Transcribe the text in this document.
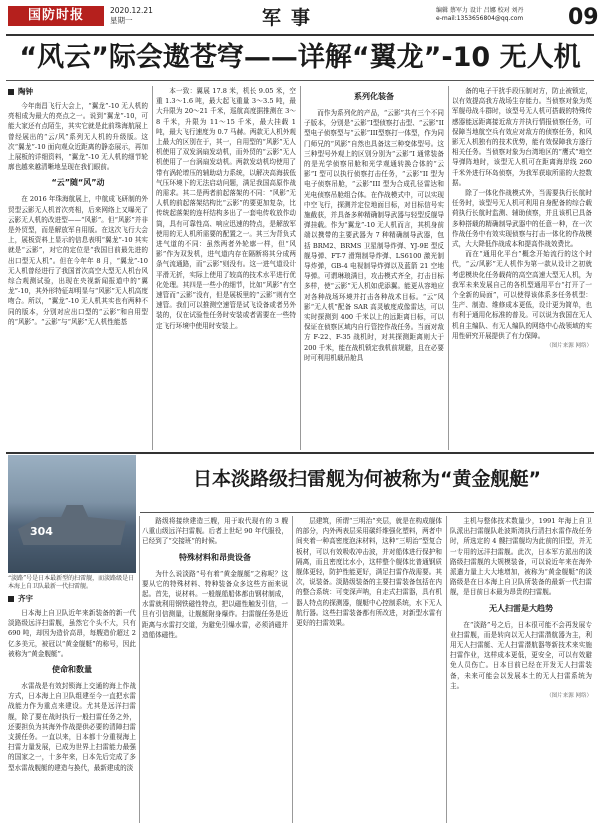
国防时报	2020.12.21
星期一	军事	编辑 蔡军力 设计 吕娜 校对 刘丹
e-mail:1353656804@qq.com	09
“风云”际会遨苍穹——详解“翼龙”-10 无人机
陶钟

今年南昌飞行大会上，“翼龙”-10 无人机的亮相成为最大的亮点之一。说到“翼龙”-10，可能大家还有点陌生，其实它就是此前珠海航展上曾经展出的“云/风”系列无人机的升级版。这次“翼龙”-10 面向观众近距离的静态展示，再加上展板的详细资料，“翼龙”-10 无人机的细节轮廓也越来越清晰地呈现在我们眼前。

“云”随“风”动

在 2016 年珠海航展上，中航成飞研制的外贸型云影无人机首次亮相，后来网络上又曝光了云影无人机的改进型——“风影”。但“风影”并非是外贸型，而是解放军自用版。在这次飞行大会上，展板资料上显示的信息表明“翼龙”-10 其实就是“云影”，对它的定位是“我国目前最先进的出口型无人机”。但在今年年 8 月，“翼龙”-10 无人机曾经进行了我国首次高空大型无人机台风综合观测试验，出现在央视新闻报道中的“翼龙”-10，其外形特征却明显与“风影”无人机高度吻合。所以，“翼龙”-10 无人机其实也有两种不同的版本，分别对应出口型的“云影”和自用型的“风影”。“云影”与“风影”无人机性能基

本一致：翼展 17.8 米，机长 9.05 米，空重 1.3～1.6 吨，最大起飞重量 3～3.5 吨，最大升限为 20～21 千米，巡航高度据推测在 3～8 千米，升限为 11～15 千米，最大挂载 1 吨，最大飞行速度为 0.7 马赫。两款无人机外观上最大的区别在于，其一，自用型的“风影”无人机使用了双发涡扇发动机，而外贸的“云影”无人机使用了一台涡扇发动机。两款发动机均使用了带有涡轮增压的辅助动力系统，以解决高海拔低气压环境下的无法启动问题，满足我国高原作战的需求。其二是两者前起落架的不同：“风影”无人机的前起落架结构比“云影”的要更加复杂，比传统起落架的连杆结构多出了一套电传收放作动筒，具有可靠性高、响应迅速的特点，是解放军使用的无人机所需要的配置之一。其三为背负式进气道的不同：虽然两者外轮廓一样，但“风影”作为双发机，进气道内存在隔断将其分成两条气流通路，而“云影”则没有。这一进气道设计平滑无折，实际上使用了较高的技术水平进行优化处理。其四是一些小的细节，比如“风影”有空速管而“云影”没有，但是展板里的“云影”则有空速管。我们可以推测空速管是试飞设备或者另外装的，仅在试验性任务时安装或者需要在一些特定飞行环境中使用时安装上。

系列化装备

而作为系列化的产品，“云影”共有三个不同子版本，分别是“云影”I型侦察打击型、“云影”II型电子侦察型与“云影”III型察打一体型，作为同门师兄的“风影”自然也具备这三种变体型号。这三种型号外观上的区别分别为“云影”I 通常装备的是光学侦察吊舱和光学观通转换合体的“云影”I 型可以执行侦察打击任务，“云影”II 型为电子侦察吊舱，“云影”III 型为合成孔径雷达和光电侦察吊舱组合体。在作战模式中，可以实现中空飞行，探测并定位地面目标，对目标信号实施截获，并具备多种精确制导武器与轻型反舰导弹挂载。作为“翼龙”-10 无人机而言，其机身前端以携带的主要武器为 7 种精确制导武器，包括 BRM2、BRMS 卫星制导炸弹、YJ-9E 型反舰导弹、FT-7 滑翔制导炸弹、LS6100 激光制导炸弹，GB-4 电视制导炸弹以及蓝箭 21 空地导弹。可谓琳琅满目，攻击模式齐全，打击目标多样，使“云影”无人机如虎添翼。能更从容地应对各种战场环境并打击各种战术目标。“云”风影“无人机”配备 SAR 高灵敏度成像雷达，可以实时探测到 400 千米以上的远距离目标，可以保证在侦察区域内自行管控作战任务。当面对敌方 F-22、F-35 战机时，对其探测距离则大于 200 千米，能在战机锁定我机前规避，且在必要时可利用机载吊舱具

备的电子干扰手段压制对方，防止被锁定，以有效提高我方战场生存能力。当侦察对象为英军舰母战斗群时，该型号无人机可搭载的特殊传感器能远距离接近敌方并执行情报侦察任务，可保障当地航空兵有效应对敌方的侦察任务，和风影无人机独有的技术优势，能有效保障我方遂行相关任务。当侦察对象为台湾地区的“鹰式”地空导弹阵地时，该型无人机可在距离海岸线 260 千米外进行环岛侦察，为我军获取所需的大控数据。

除了一体化作战模式外，当需要执行长航时任务时，该型号无人机可利用自身配备的综合载荷执行长航时监测、辅助侦察，并且该机已具备多种搭载的精确制导武器中的任意一种，在一次作战任务中有效实现侦察与打击一体化的作战模式，大大降低作战成本和提高作战效费比。

而在“通用化平台”概念开始流行的这个时代，“云/风影”无人机作为第一款从设计之初就考虑模块化任务载荷的高空高速大型无人机，为我军未来发展自己的各机型通用平台“打开了一个全新的局面”，可以使得该体系多任务机型：生产、制造、维修成本更低，设计更为简单，也有利于通用化标准的普及。可以说为我国在无人机自主编队、有无人编队的网络中心战领域的实用性研究开展提供了有力保障。

（图片来源 网络）
304
“淡路”号是日本最新型的扫雷舰，而淡路级是日本海上自卫队最新一代扫雷舰。
日本淡路级扫雷舰为何被称为“黄金舰艇”
齐宇

日本海上自卫队近年来新装备的新一代淡路级远洋扫雷舰，虽然它个头不大，只有 690 吨，却因为造价高昂，每艘造价超过 2 亿多美元，被冠以“黄金舰艇”的称号，因此被称为“黄金舰艇”。

使命和数量

水雷战是有效封锁海上交通的海上作战方式，日本海上自卫队组建至今一直把水雷战能力作为重点来建设。尤其是远洋扫雷舰，除了要在战时执行一般扫雷任务之外，还要担负为其海外作战提供必要的清障扫雷支援任务。一直以来，日本都十分重视海上扫雷力量发展，已成为世界上扫雷能力最强的国家之一，十多年来，日本先后完成了多型水雷战舰艇的建造与换代，最新建成的淡

路级将接续建造三艘，用于取代现有的 3 艘八重山级远洋扫雷舰。后者上世纪 90 年代服役，已经到了“交接班”的时候。

特殊材料和昂贵设备

为什么说淡路“号有着“黄金舰艇”之称呢？这要从它的特殊材料、特种装备众多这些方面来说起。首先，说材料。一般舰船船体都由钢材制成，水雷就利用钢铁磁性特点，把以磁性触发引信，一旦有引信测量，让舰艇附身爆炸。扫雷舰任务是近距离与水雷打交道，为避免引爆水雷，必须消磁并造船体磁性。

层建筑，所谓“三明治”夹层，就是在构成舰体的部分，内外两表层采用碳纤维强化塑料，两者中间夹着一种高密度泡沫材料，这种“三明治”型复合板材，可以有效吸收冲击波，并对船体进行保护和隔离，而且密度比水小，这样整个舰体比普通钢质舰体更轻，防护性能更好，满足扫雷作战需要。其次，说装备。淡路级装备的主要扫雷装备包括在内的整合系统：可变深声呐，自走式扫雷器，具有机器人特点的探测器，舰艇中心控制系统，水下无人航行器。这些扫雷装备都有所改进，对新型水雷有更好的扫雷效果。

主机与整体技术数量少，1991 年海上自卫队派出扫雷舰队赴波斯湾执行清扫水雷作战任务时，所选定的 4 艘扫雷舰均为此前的旧型，并无一专用的远洋扫雷舰。此次，日本军方派出的淡路级扫雷舰的大规模装备，可以说近年来在海外派遣力量上大大地增加，被称为“黄金舰艇”的淡路级是在日本海上自卫队所装备的最新一代扫雷舰，是目前日本最为昂贵的扫雷舰。

无人扫雷是大趋势

在“淡路”号之后，日本很可能不会再发展专业扫雷舰，而是转向以无人扫雷潜航器为主，利用无人扫雷艇、无人扫雷潜航器等新技术来实施扫雷作业，这样成本更低，更安全，可以有效避免人员伤亡。日本目前已经在开发无人扫雷装备，未来可能会以发展本土的无人扫雷系统为主。

（图片来源 网络）
